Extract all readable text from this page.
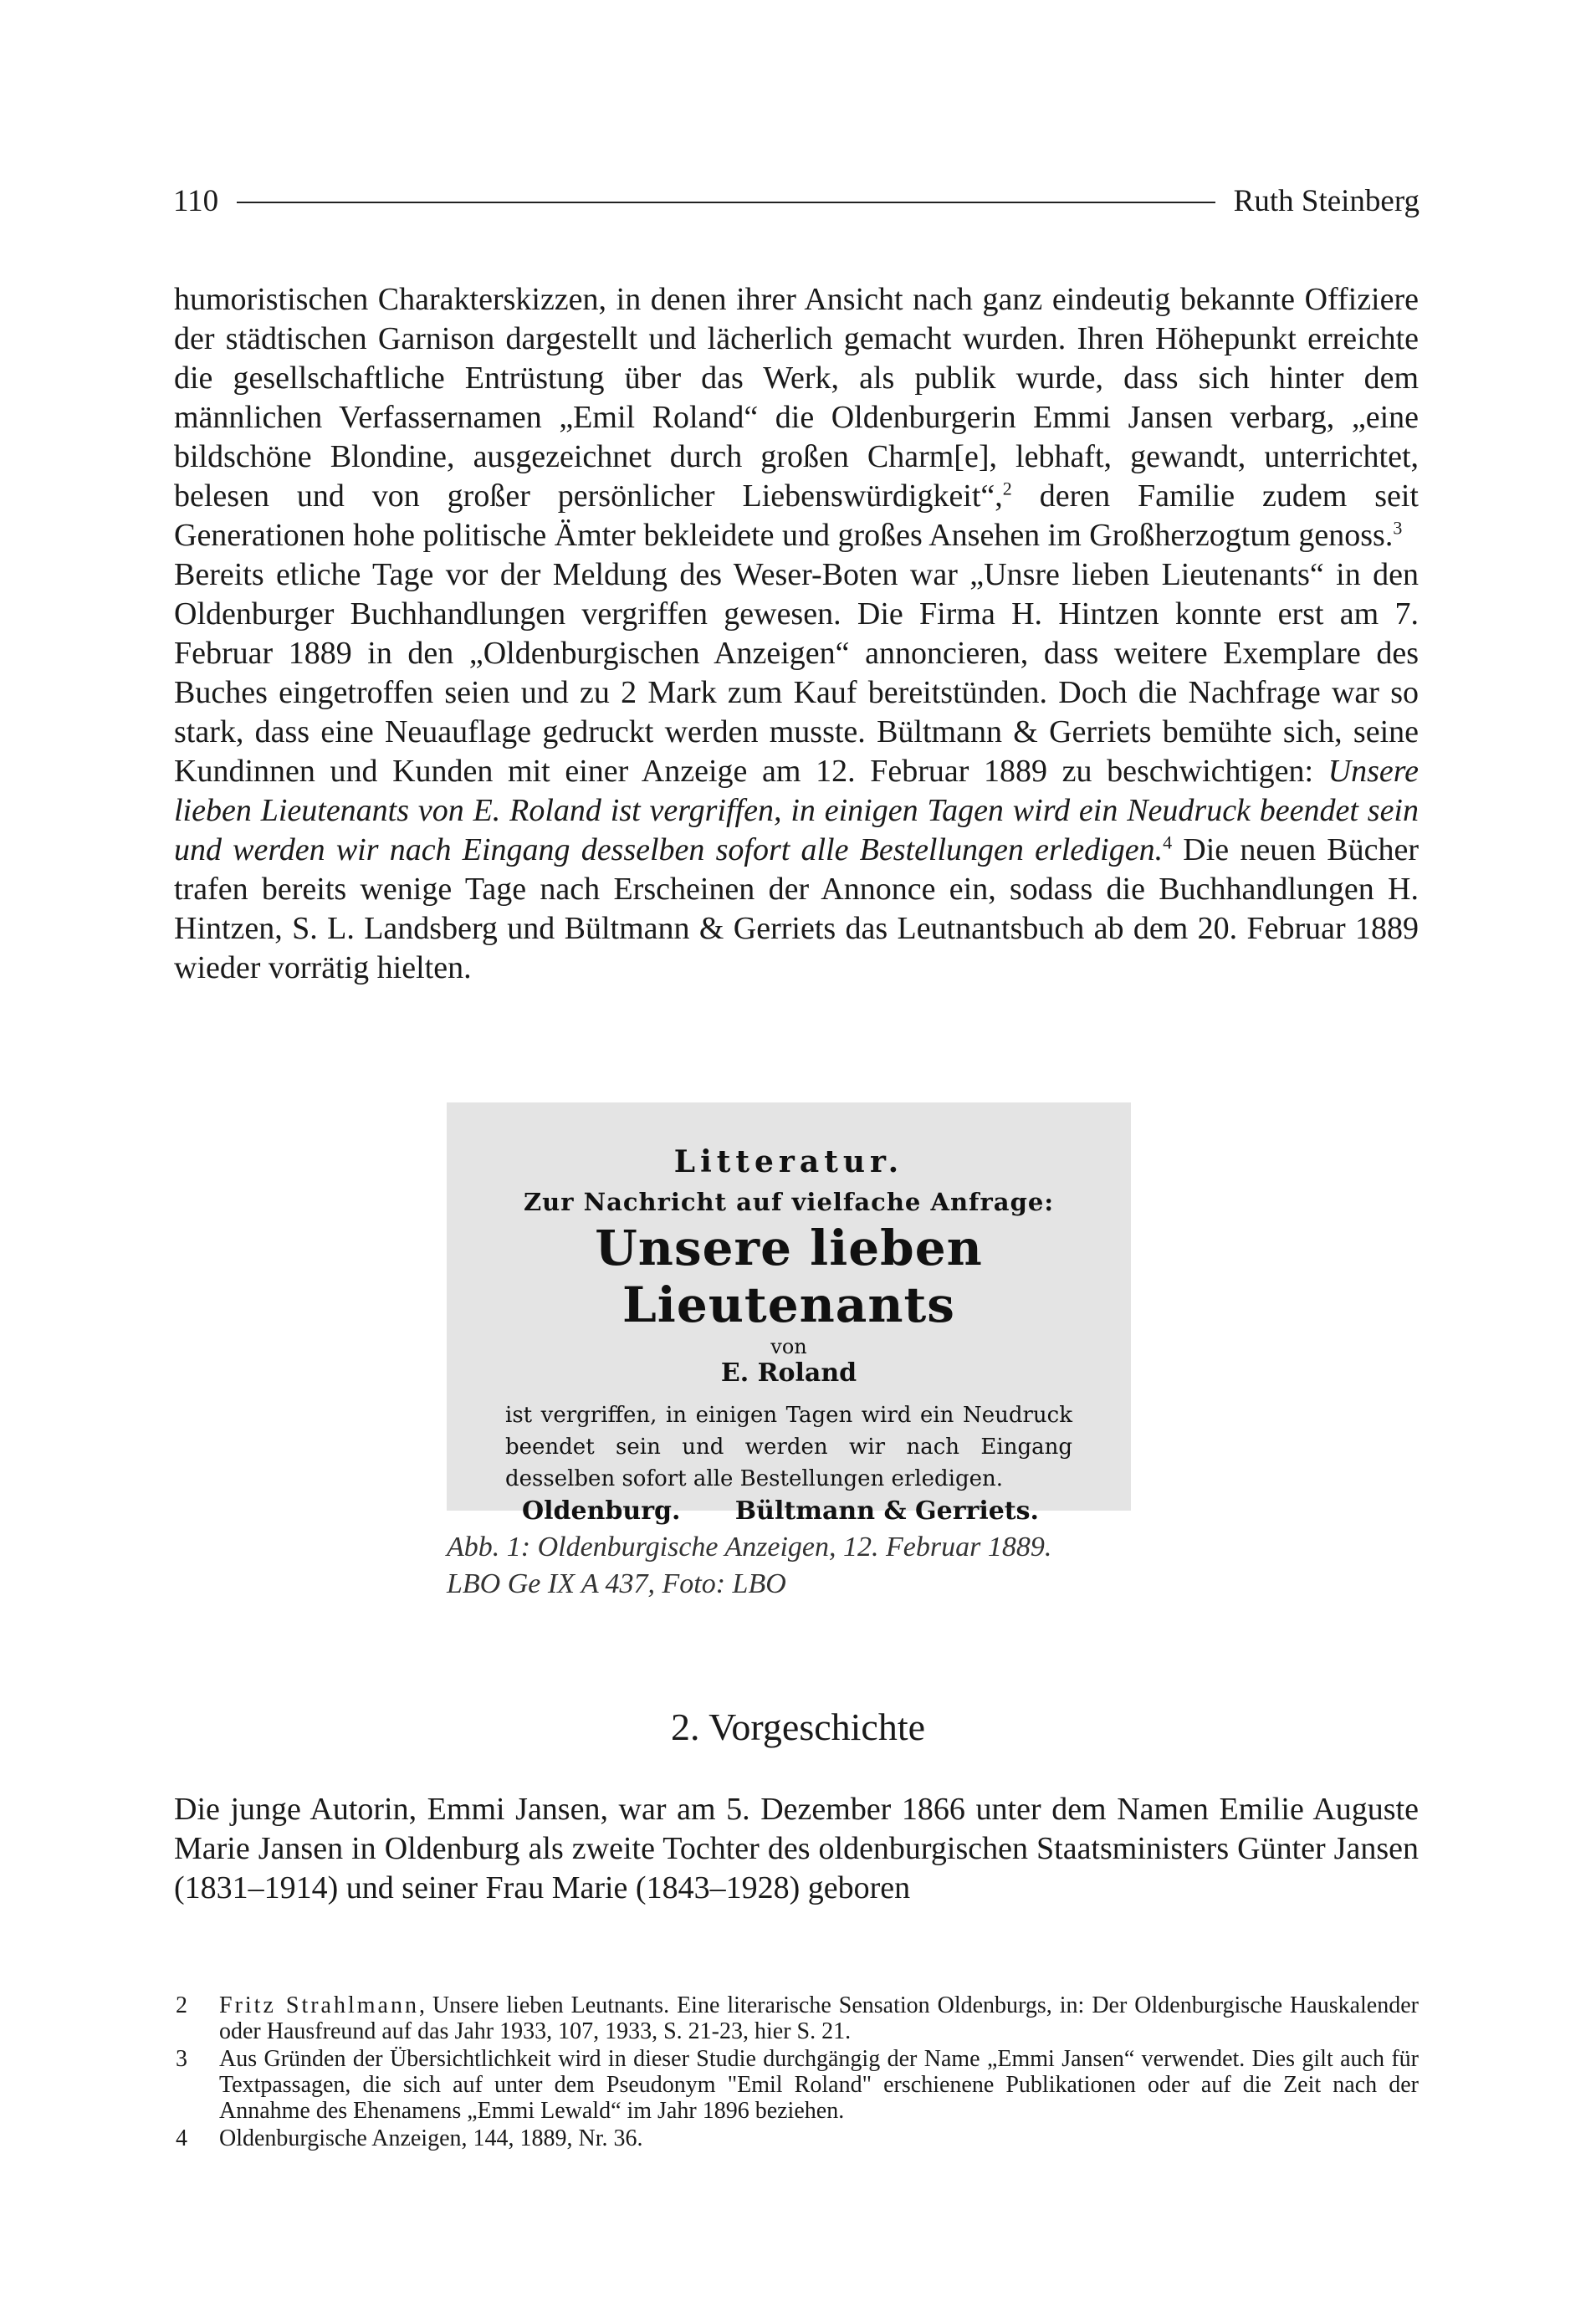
110	Ruth Steinberg

humoristischen Charakterskizzen, in denen ihrer Ansicht nach ganz eindeutig bekannte Offiziere der städtischen Garnison dargestellt und lächerlich gemacht wurden. Ihren Höhepunkt erreichte die gesellschaftliche Entrüstung über das Werk, als publik wurde, dass sich hinter dem männlichen Verfassernamen „Emil Roland“ die Oldenburgerin Emmi Jansen verbarg, „eine bildschöne Blondine, ausgezeichnet durch großen Charm[e], lebhaft, gewandt, unterrichtet, belesen und von großer persönlicher Liebenswürdigkeit“,$^2$ deren Familie zudem seit Generationen hohe politische Ämter bekleidete und großes Ansehen im Großherzogtum genoss.$^3$

Bereits etliche Tage vor der Meldung des Weser-Boten war „Unsre lieben Lieutenants“ in den Oldenburger Buchhandlungen vergriffen gewesen. Die Firma H. Hintzen konnte erst am 7. Februar 1889 in den „Oldenburgischen Anzeigen“ annoncieren, dass weitere Exemplare des Buches eingetroffen seien und zu 2 Mark zum Kauf bereitstünden. Doch die Nachfrage war so stark, dass eine Neuauflage gedruckt werden musste. Bültmann & Gerriets bemühte sich, seine Kundinnen und Kunden mit einer Anzeige am 12. Februar 1889 zu beschwichtigen: Unsere lieben Lieutenants von E. Roland ist vergriffen, in einigen Tagen wird ein Neudruck beendet sein und werden wir nach Eingang desselben sofort alle Bestellungen erledigen.$^4$ Die neuen Bücher trafen bereits wenige Tage nach Erscheinen der Annonce ein, sodass die Buchhandlungen H. Hintzen, S. L. Landsberg und Bültmann & Gerriets das Leutnantsbuch ab dem 20. Februar 1889 wieder vorrätig hielten.

Litteratur.
Zur Nachricht auf vielfache Anfrage:
Unsere lieben Lieutenants
von
E. Roland
ist vergriffen, in einigen Tagen wird ein Neudruck beendet sein und werden wir nach Eingang desselben sofort alle Bestellungen erledigen.
Oldenburg. Bültmann & Gerriets.
Abb. 1: Oldenburgische Anzeigen, 12. Februar 1889.
LBO Ge IX A 437, Foto: LBO
2. Vorgeschichte
Die junge Autorin, Emmi Jansen, war am 5. Dezember 1866 unter dem Namen Emilie Auguste Marie Jansen in Oldenburg als zweite Tochter des oldenburgischen Staatsministers Günter Jansen (1831–1914) und seiner Frau Marie (1843–1928) geboren
2	Fritz Strahlmann, Unsere lieben Leutnants. Eine literarische Sensation Oldenburgs, in: Der Oldenburgische Hauskalender oder Hausfreund auf das Jahr 1933, 107, 1933, S. 21-23, hier S. 21.
3	Aus Gründen der Übersichtlichkeit wird in dieser Studie durchgängig der Name „Emmi Jansen“ verwendet. Dies gilt auch für Textpassagen, die sich auf unter dem Pseudonym "Emil Roland" erschienene Publikationen oder auf die Zeit nach der Annahme des Ehenamens „Emmi Lewald“ im Jahr 1896 beziehen.
4	Oldenburgische Anzeigen, 144, 1889, Nr. 36.
